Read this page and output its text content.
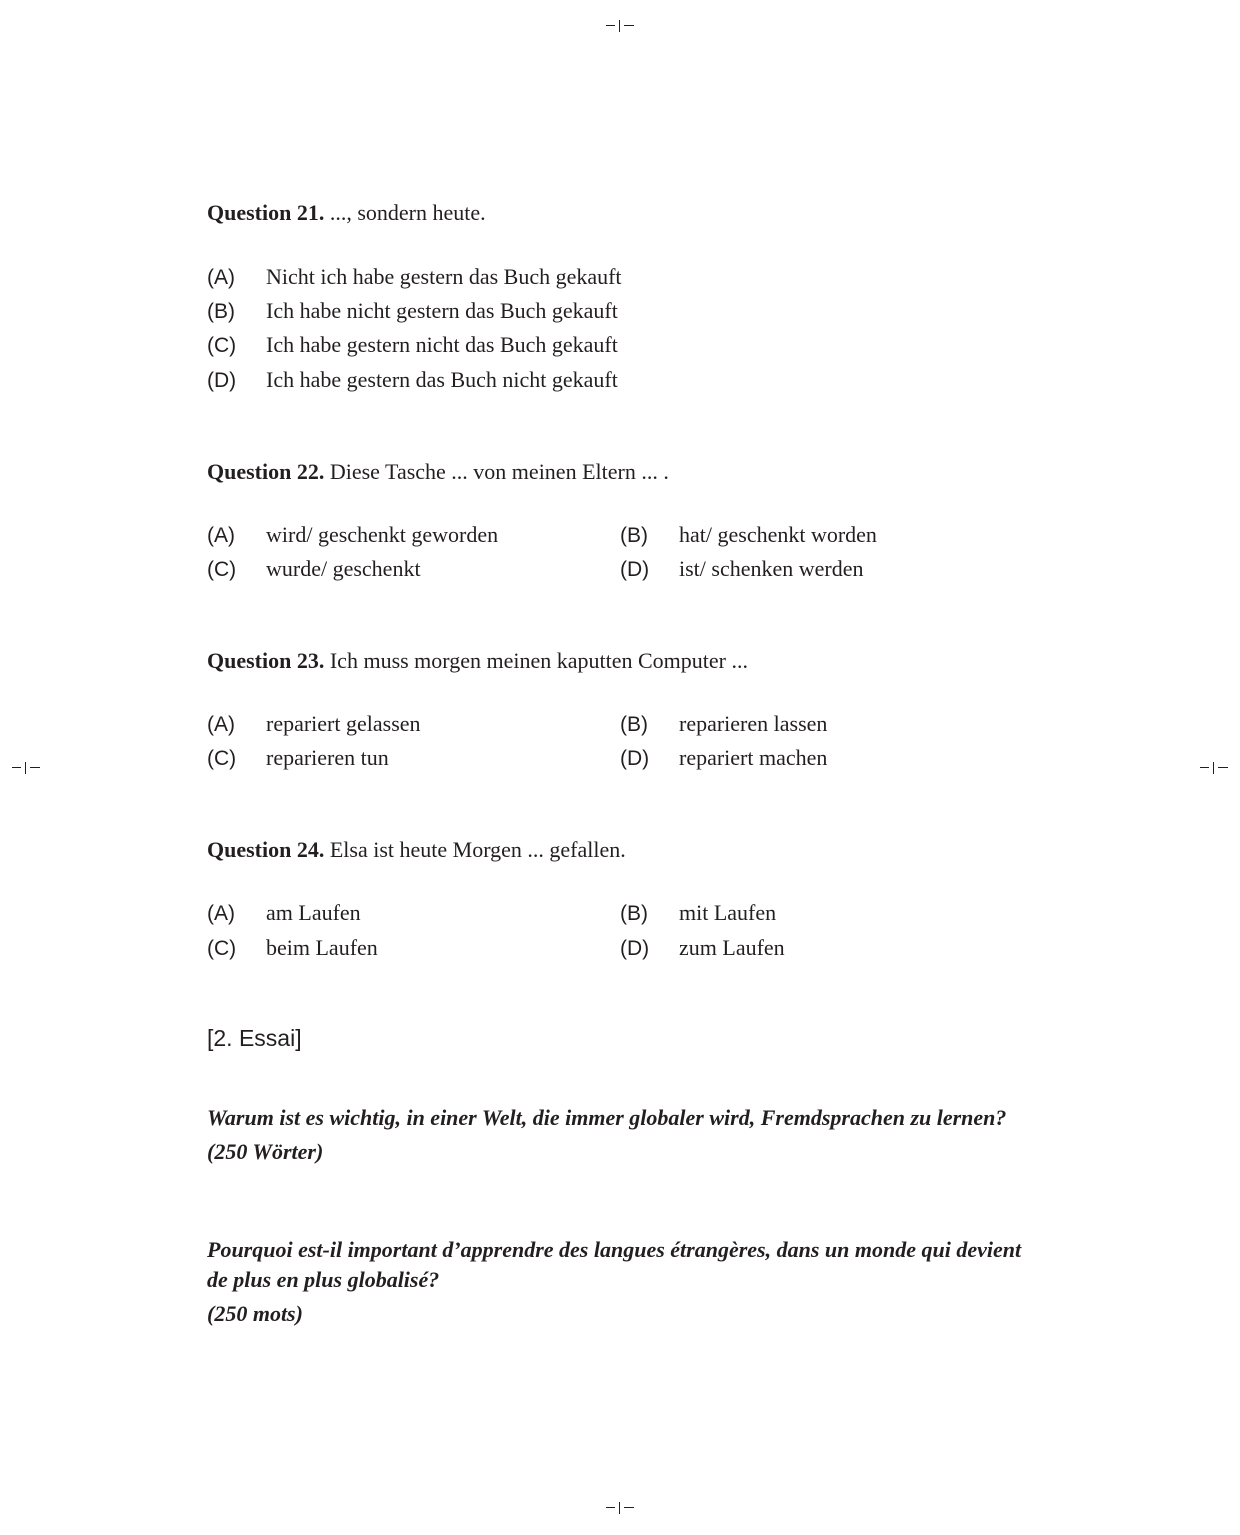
Question 21. ..., sondern heute.
(A) Nicht ich habe gestern das Buch gekauft
(B) Ich habe nicht gestern das Buch gekauft
(C) Ich habe gestern nicht das Buch gekauft
(D) Ich habe gestern das Buch nicht gekauft
Question 22. Diese Tasche ... von meinen Eltern ... .
(A) wird/ geschenkt geworden	(B) hat/ geschenkt worden
(C) wurde/ geschenkt	(D) ist/ schenken werden
Question 23. Ich muss morgen meinen kaputten Computer ...
(A) repariert gelassen	(B) reparieren lassen
(C) reparieren tun	(D) repariert machen
Question 24. Elsa ist heute Morgen ... gefallen.
(A) am Laufen	(B) mit Laufen
(C) beim Laufen	(D) zum Laufen
[2. Essai]
Warum ist es wichtig, in einer Welt, die immer globaler wird, Fremdsprachen zu lernen?
(250 Wörter)
Pourquoi est-il important d’apprendre des langues étrangères, dans un monde qui devient de plus en plus globalisé?
(250 mots)
